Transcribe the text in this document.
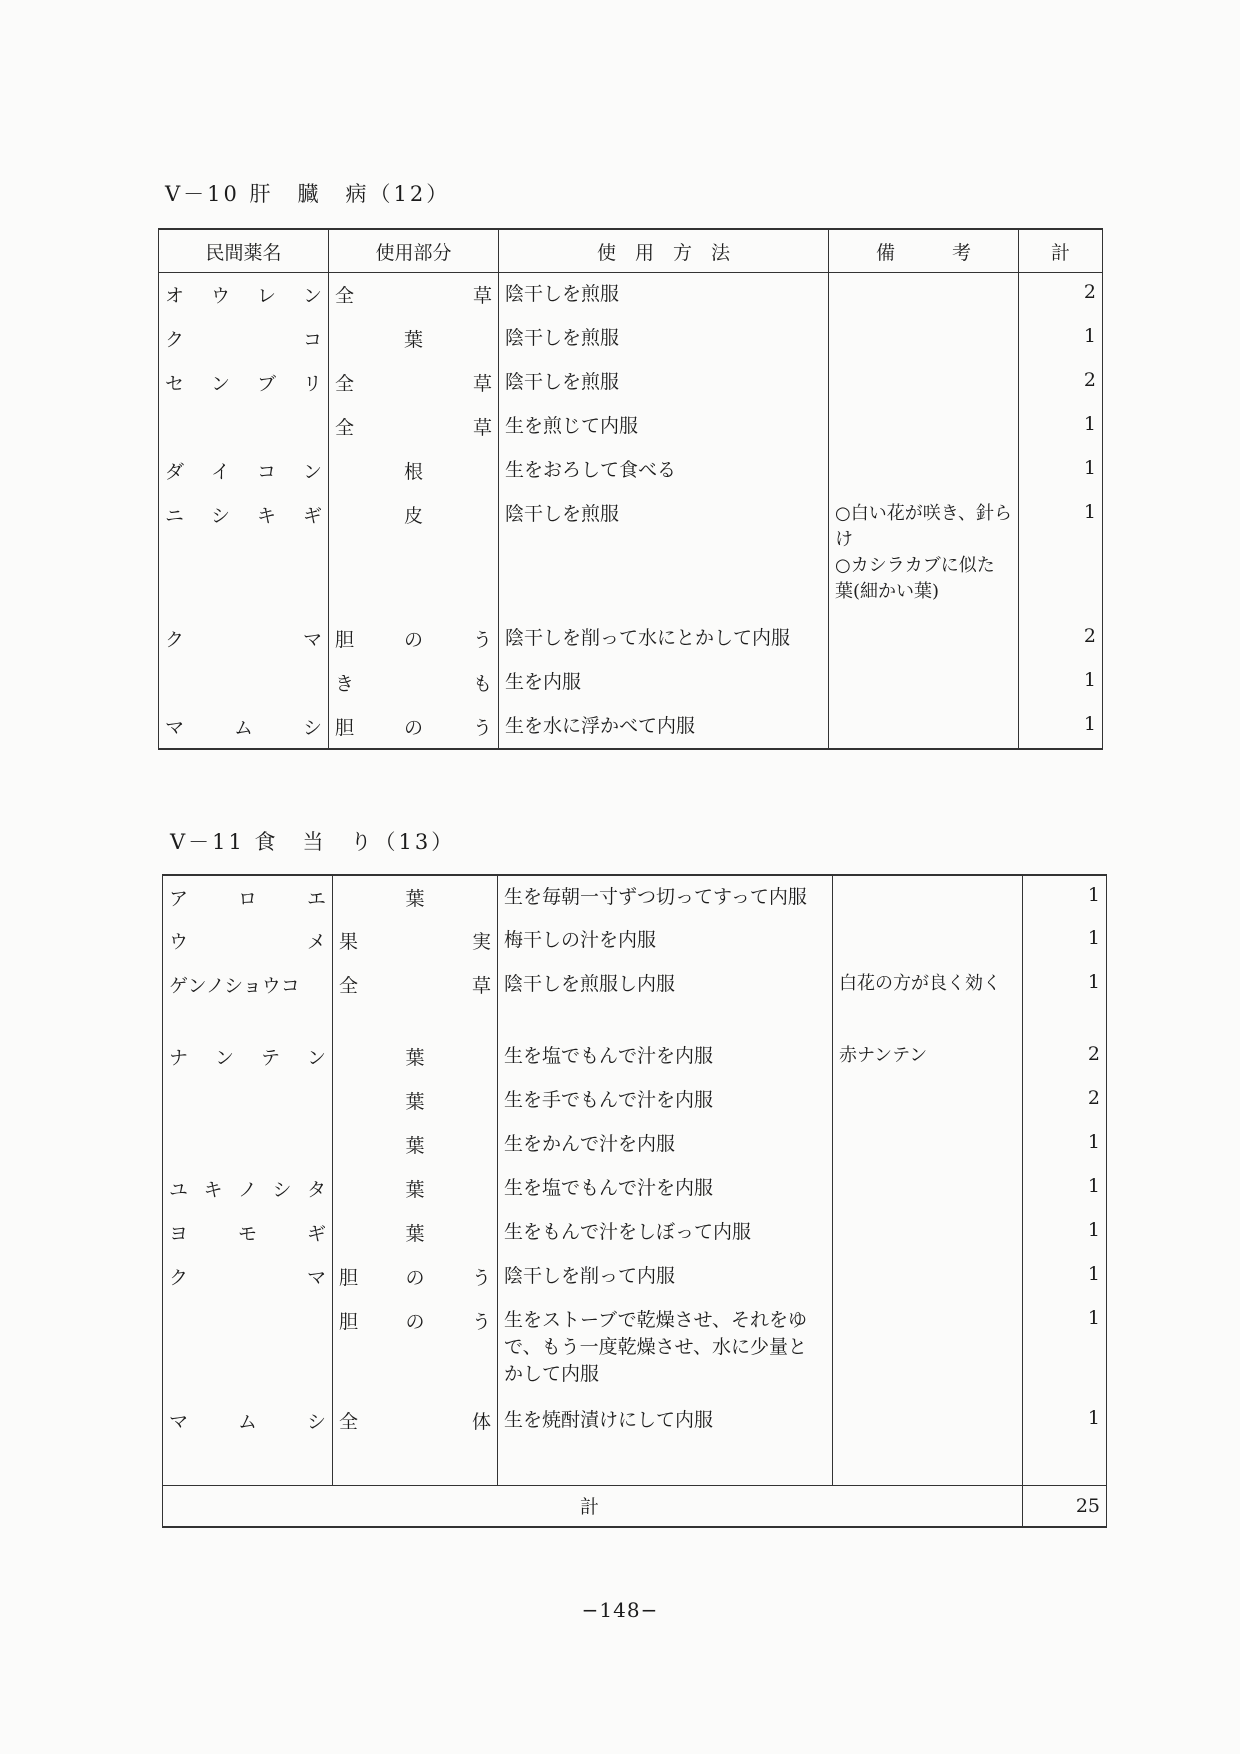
V－10 肝　臓　病（12）
民間薬名	使用部分	使　用　方　法	備　　　考	計

オ ウ レ ン	全 草	陰干しを煎服		2

ク コ	葉	陰干しを煎服		1

セ ン ブ リ	全 草	陰干しを煎服		2

	全 草	生を煎じて内服		1

ダ イ コ ン	根	生をおろして食べる		1

ニ シ キ ギ	皮	陰干しを煎服	○白い花が咲き、針らけ
○カシラカブに似た葉(細かい葉)	1

ク マ	胆 の う	陰干しを削って水にとかして内服		2

	き も	生を内服		1

マ ム シ	胆 の う	生を水に浮かべて内服		1
V－11 食　当　り（13）
ア ロ エ	葉	生を毎朝一寸ずつ切ってすって内服		1

ウ メ	果 実	梅干しの汁を内服		1
ゲンノショウコ	全 草	陰干しを煎服し内服	白花の方が良く効く	1

ナ ン テ ン	葉	生を塩でもんで汁を内服	赤ナンテン	2
	葉	生を手でもんで汁を内服		2
	葉	生をかんで汁を内服		1

ユ キ ノ シ タ	葉	生を塩でもんで汁を内服		1

ヨ モ ギ	葉	生をもんで汁をしぼって内服		1

ク マ	胆 の う	陰干しを削って内服		1

	胆 の う	生をストーブで乾燥させ、それをゆで、もう一度乾燥させ、水に少量とかして内服		1

マ ム シ	全 体	生を焼酎漬けにして内服		1
計				25
−148−
